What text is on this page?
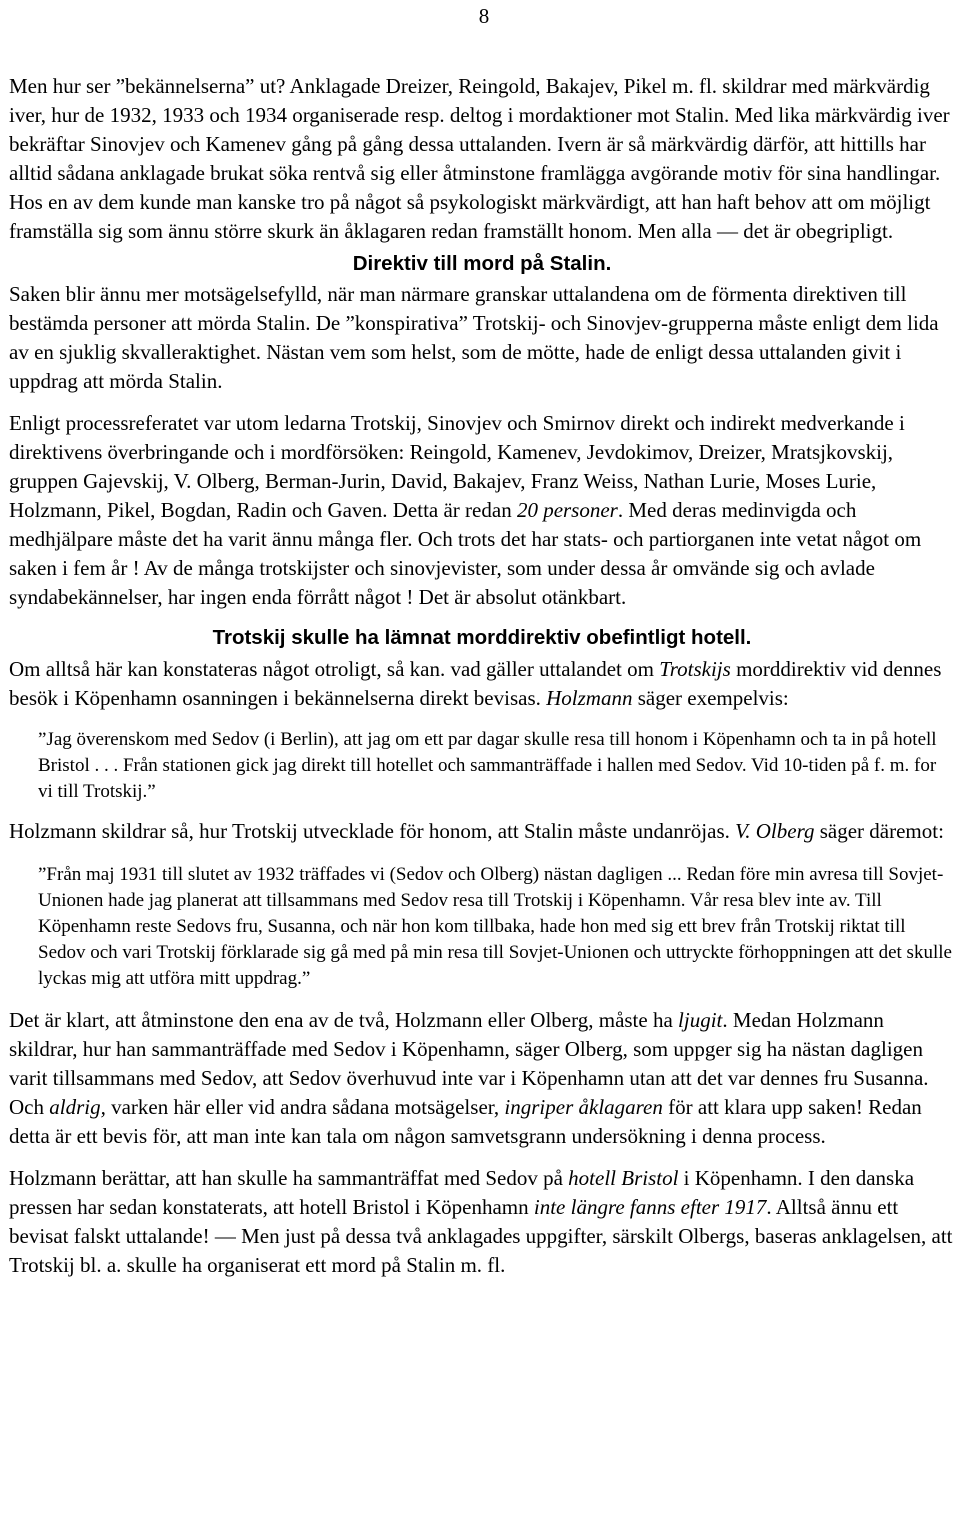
8

Men hur ser ”bekännelserna” ut? Anklagade Dreizer, Reingold, Bakajev, Pikel m. fl. skildrar med märkvärdig iver, hur de 1932, 1933 och 1934 organiserade resp. deltog i mordaktioner mot Stalin. Med lika märkvärdig iver bekräftar Sinovjev och Kamenev gång på gång dessa uttalanden. Ivern är så märkvärdig därför, att hittills har alltid sådana anklagade brukat söka rentvå sig eller åtminstone framlägga avgörande motiv för sina handlingar. Hos en av dem kunde man kanske tro på något så psykologiskt märkvärdigt, att han haft behov att om möjligt framställa sig som ännu större skurk än åklagaren redan framställt honom. Men alla — det är obegripligt.

Direktiv till mord på Stalin.

Saken blir ännu mer motsägelsefylld, när man närmare granskar uttalandena om de förmenta direktiven till bestämda personer att mörda Stalin. De ”konspirativa” Trotskij- och Sinovjev-grupperna måste enligt dem lida av en sjuklig skvalleraktighet. Nästan vem som helst, som de mötte, hade de enligt dessa uttalanden givit i uppdrag att mörda Stalin.

Enligt processreferatet var utom ledarna Trotskij, Sinovjev och Smirnov direkt och indirekt medverkande i direktivens överbringande och i mordförsöken: Reingold, Kamenev, Jevdokimov, Dreizer, Mratsjkovskij, gruppen Gajevskij, V. Olberg, Berman-Jurin, David, Bakajev, Franz Weiss, Nathan Lurie, Moses Lurie, Holzmann, Pikel, Bogdan, Radin och Gaven. Detta är redan 20 personer. Med deras medinvigda och medhjälpare måste det ha varit ännu många fler. Och trots det har stats- och partiorganen inte vetat något om saken i fem år ! Av de många trotskijster och sinovjevister, som under dessa år omvände sig och avlade syndabekännelser, har ingen enda förrått något ! Det är absolut otänkbart.

Trotskij skulle ha lämnat morddirektiv obefintligt hotell.

Om alltså här kan konstateras något otroligt, så kan. vad gäller uttalandet om Trotskijs morddirektiv vid dennes besök i Köpenhamn osanningen i bekännelserna direkt bevisas. Holzmann säger exempelvis:

”Jag överenskom med Sedov (i Berlin), att jag om ett par dagar skulle resa till honom i Köpenhamn och ta in på hotell Bristol . . . Från stationen gick jag direkt till hotellet och sammanträffade i hallen med Sedov. Vid 10-tiden på f. m. for vi till Trotskij.”

Holzmann skildrar så, hur Trotskij utvecklade för honom, att Stalin måste undanröjas. V. Olberg säger däremot:

”Från maj 1931 till slutet av 1932 träffades vi (Sedov och Olberg) nästan dagligen ... Redan före min avresa till Sovjet-Unionen hade jag planerat att tillsammans med Sedov resa till Trotskij i Köpenhamn. Vår resa blev inte av. Till Köpenhamn reste Sedovs fru, Susanna, och när hon kom tillbaka, hade hon med sig ett brev från Trotskij riktat till Sedov och vari Trotskij förklarade sig gå med på min resa till Sovjet-Unionen och uttryckte förhoppningen att det skulle lyckas mig att utföra mitt uppdrag.”

Det är klart, att åtminstone den ena av de två, Holzmann eller Olberg, måste ha ljugit. Medan Holzmann skildrar, hur han sammanträffade med Sedov i Köpenhamn, säger Olberg, som uppger sig ha nästan dagligen varit tillsammans med Sedov, att Sedov överhuvud inte var i Köpenhamn utan att det var dennes fru Susanna. Och aldrig, varken här eller vid andra sådana motsägelser, ingriper åklagaren för att klara upp saken! Redan detta är ett bevis för, att man inte kan tala om någon samvetsgrann undersökning i denna process.

Holzmann berättar, att han skulle ha sammanträffat med Sedov på hotell Bristol i Köpenhamn. I den danska pressen har sedan konstaterats, att hotell Bristol i Köpenhamn inte längre fanns efter 1917. Alltså ännu ett bevisat falskt uttalande! — Men just på dessa två anklagades uppgifter, särskilt Olbergs, baseras anklagelsen, att Trotskij bl. a. skulle ha organiserat ett mord på Stalin m. fl.
